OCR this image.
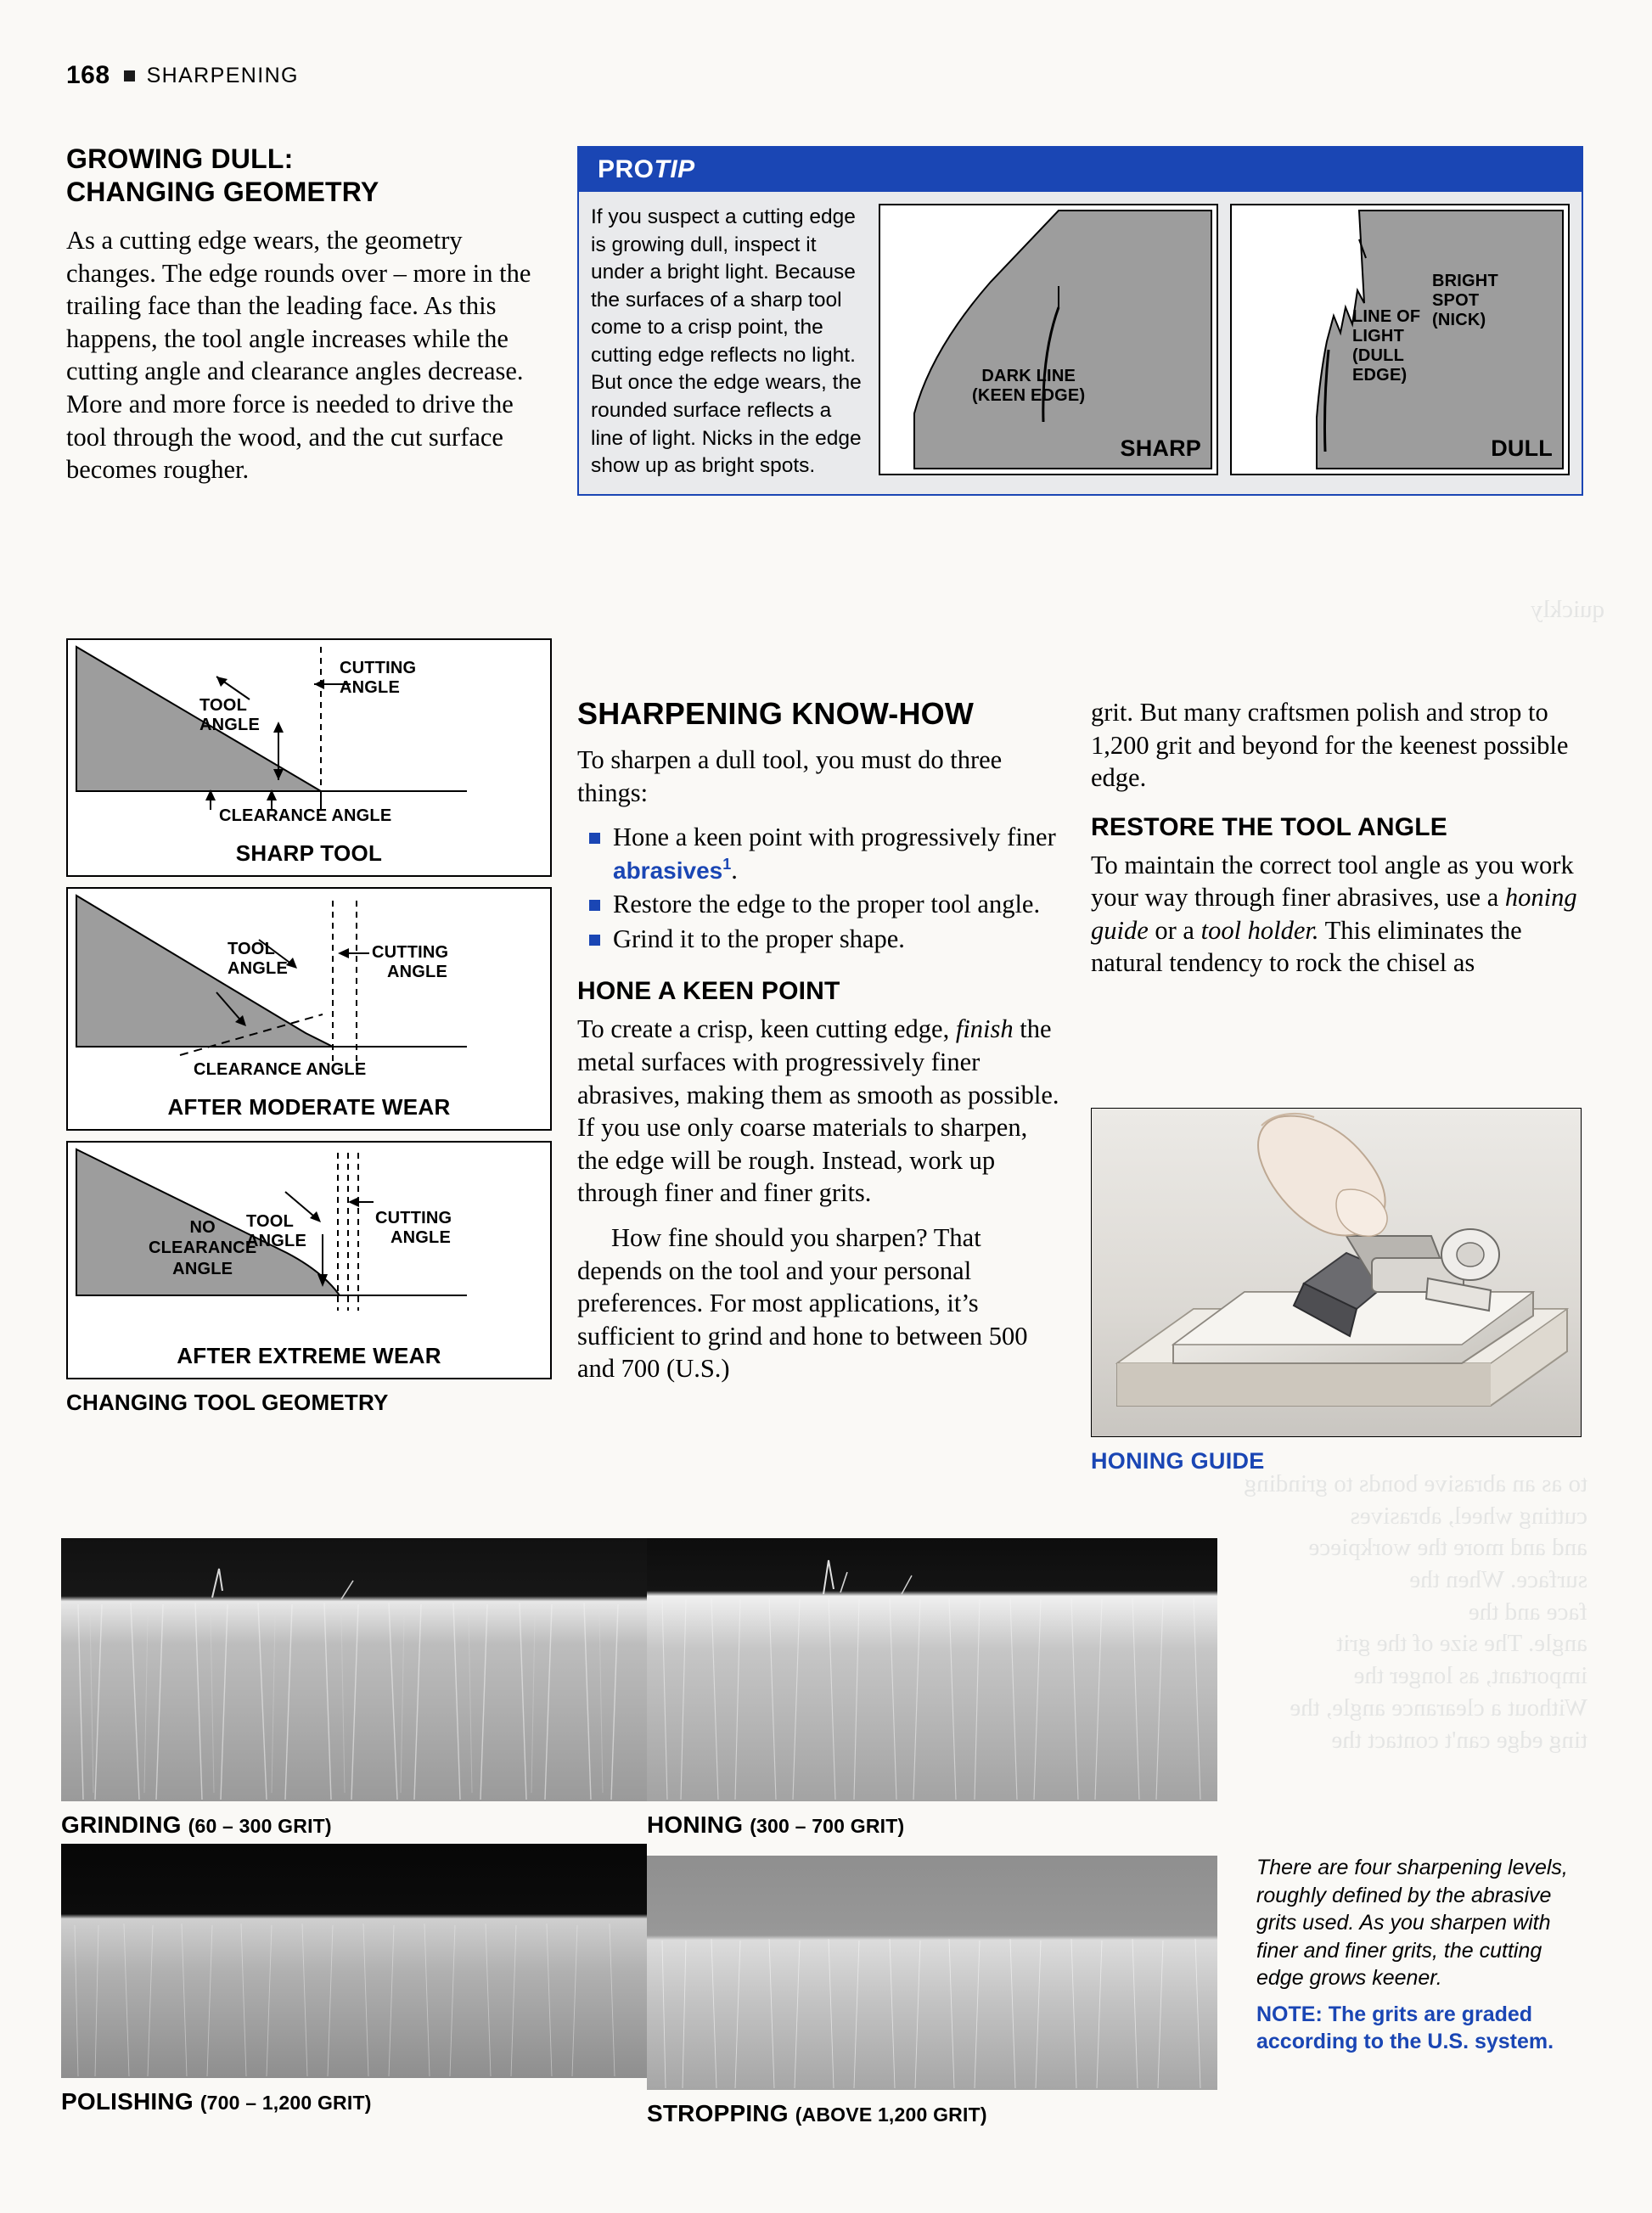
quickly
to as an abrasive bonds to grinding
cutting wheel, abrasives
and and more the workpiece
surface. When the
face and the
angle. The size of the grit
important, as longer the
Without a clearance angle, the
ting edge can't contact the
168 SHARPENING
GROWING DULL:
CHANGING GEOMETRY

As a cutting edge wears, the geometry changes. The edge rounds over – more in the trailing face than the leading face. As this happens, the tool angle increases while the cutting angle and clearance angles decrease. More and more force is needed to drive the tool through the wood, and the cut surface becomes rougher.

CUTTING
ANGLE
TOOL
ANGLE
CLEARANCE ANGLE
SHARP TOOL
TOOL
ANGLE
CUTTING
ANGLE
CLEARANCE ANGLE
AFTER MODERATE WEAR
NO
CLEARANCE
ANGLE
TOOL
ANGLE
CUTTING
ANGLE
AFTER EXTREME WEAR
CHANGING TOOL GEOMETRY
PRO TIP
If you suspect a cutting edge is growing dull, inspect it under a bright light. Because the surfaces of a sharp tool come to a crisp point, the cutting edge reflects no light. But once the edge wears, the rounded surface reflects a line of light. Nicks in the edge show up as bright spots.
DARK LINE
(KEEN EDGE)
SHARP
BRIGHT
SPOT
(NICK)
LINE OF
LIGHT
(DULL
EDGE)
DULL
SHARPENING KNOW-HOW

To sharpen a dull tool, you must do three things:

Hone a keen point with progressively finer abrasives$^1$.
Restore the edge to the proper tool angle.
Grind it to the proper shape.
HONE A KEEN POINT

To create a crisp, keen cutting edge, finish the metal surfaces with progressively finer abrasives, making them as smooth as possible. If you use only coarse materials to sharpen, the edge will be rough. Instead, work up through finer and finer grits.

How fine should you sharpen? That depends on the tool and your personal preferences. For most applications, it’s sufficient to grind and hone to between 500 and 700 (U.S.)

grit. But many craftsmen polish and strop to 1,200 grit and beyond for the keenest possible edge.

RESTORE THE TOOL ANGLE

To maintain the correct tool angle as you work your way through finer abrasives, use a honing guide or a tool holder. This eliminates the natural tendency to rock the chisel as

HONING GUIDE
GRINDING (60 – 300 GRIT)	HONING (300 – 700 GRIT)
POLISHING (700 – 1,200 GRIT)	STROPPING (ABOVE 1,200 GRIT)
There are four sharpening levels, roughly defined by the abrasive grits used. As you sharpen with finer and finer grits, the cutting edge grows keener.
NOTE: The grits are graded according to the U.S. system.
